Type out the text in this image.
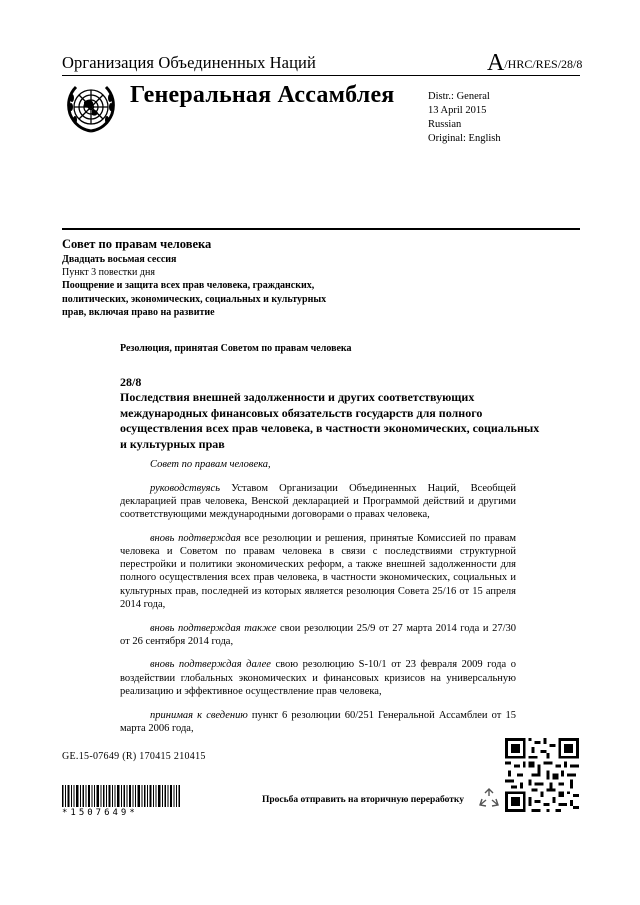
Организация Объединенных Наций	A/HRC/RES/28/8
Генеральная Ассамблея	Distr.: General
13 April 2015
Russian
Original: English
Совет по правам человека
Двадцать восьмая сессия
Пункт 3 повестки дня
Поощрение и защита всех прав человека, гражданских, политических, экономических, социальных и культурных прав, включая право на развитие
Резолюция, принятая Советом по правам человека
28/8
Последствия внешней задолженности и других соответствующих международных финансовых обязательств государств для полного осуществления всех прав человека, в частности экономических, социальных и культурных прав

Совет по правам человека,

руководствуясь Уставом Организации Объединенных Наций, Всеобщей декларацией прав человека, Венской декларацией и Программой действий и другими соответствующими международными договорами о правах человека,

вновь подтверждая все резолюции и решения, принятые Комиссией по правам человека и Советом по правам человека в связи с последствиями структурной перестройки и политики экономических реформ, а также внешней задолженности для полного осуществления всех прав человека, в частности экономических, социальных и культурных прав, последней из которых является резолюция Совета 25/16 от 15 апреля 2014 года,

вновь подтверждая также свои резолюции 25/9 от 27 марта 2014 года и 27/30 от 26 сентября 2014 года,

вновь подтверждая далее свою резолюцию S-10/1 от 23 февраля 2009 года о воздействии глобальных экономических и финансовых кризисов на универсальную реализацию и эффективное осуществление прав человека,

принимая к сведению пункт 6 резолюции 60/251 Генеральной Ассамблеи от 15 марта 2006 года,

GE.15-07649 (R) 170415 210415
*1507649*
Просьба отправить на вторичную переработку
